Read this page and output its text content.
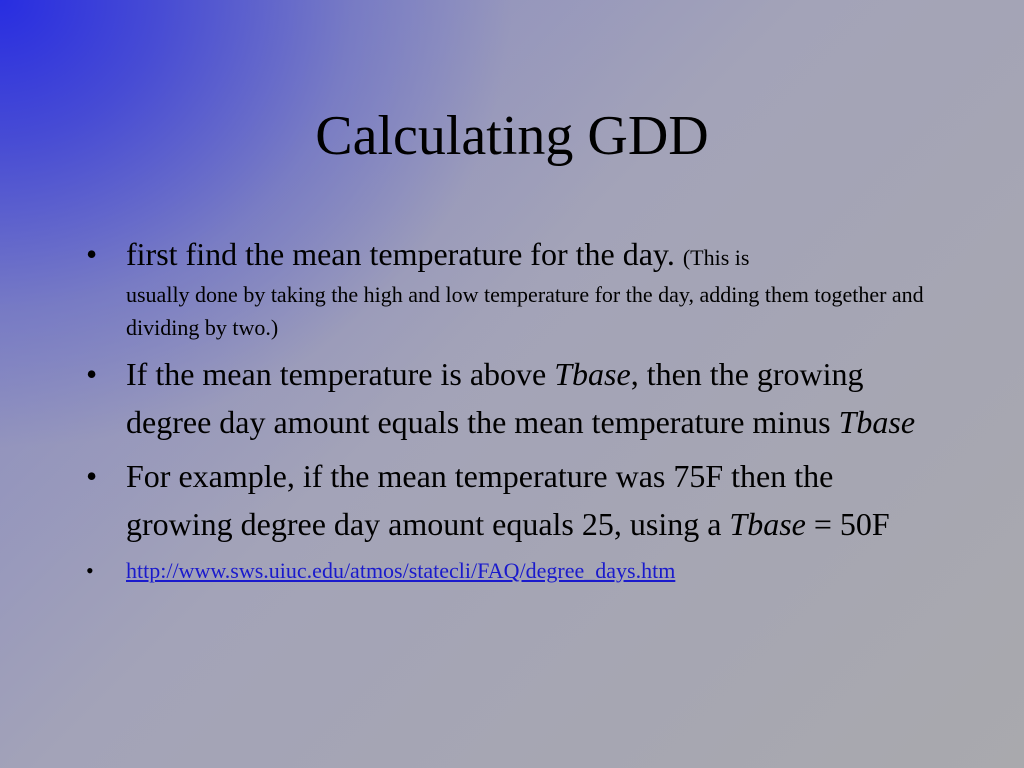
Calculating GDD
• first find the mean temperature for the day. (This is
usually done by taking the high and low temperature for the day, adding them together and dividing by two.)
• If the mean temperature is above Tbase, then the growing degree day amount equals the mean temperature minus Tbase
• For example, if the mean temperature was 75F then the growing degree day amount equals 25, using a Tbase = 50F
• http://www.sws.uiuc.edu/atmos/statecli/FAQ/degree_days.htm
